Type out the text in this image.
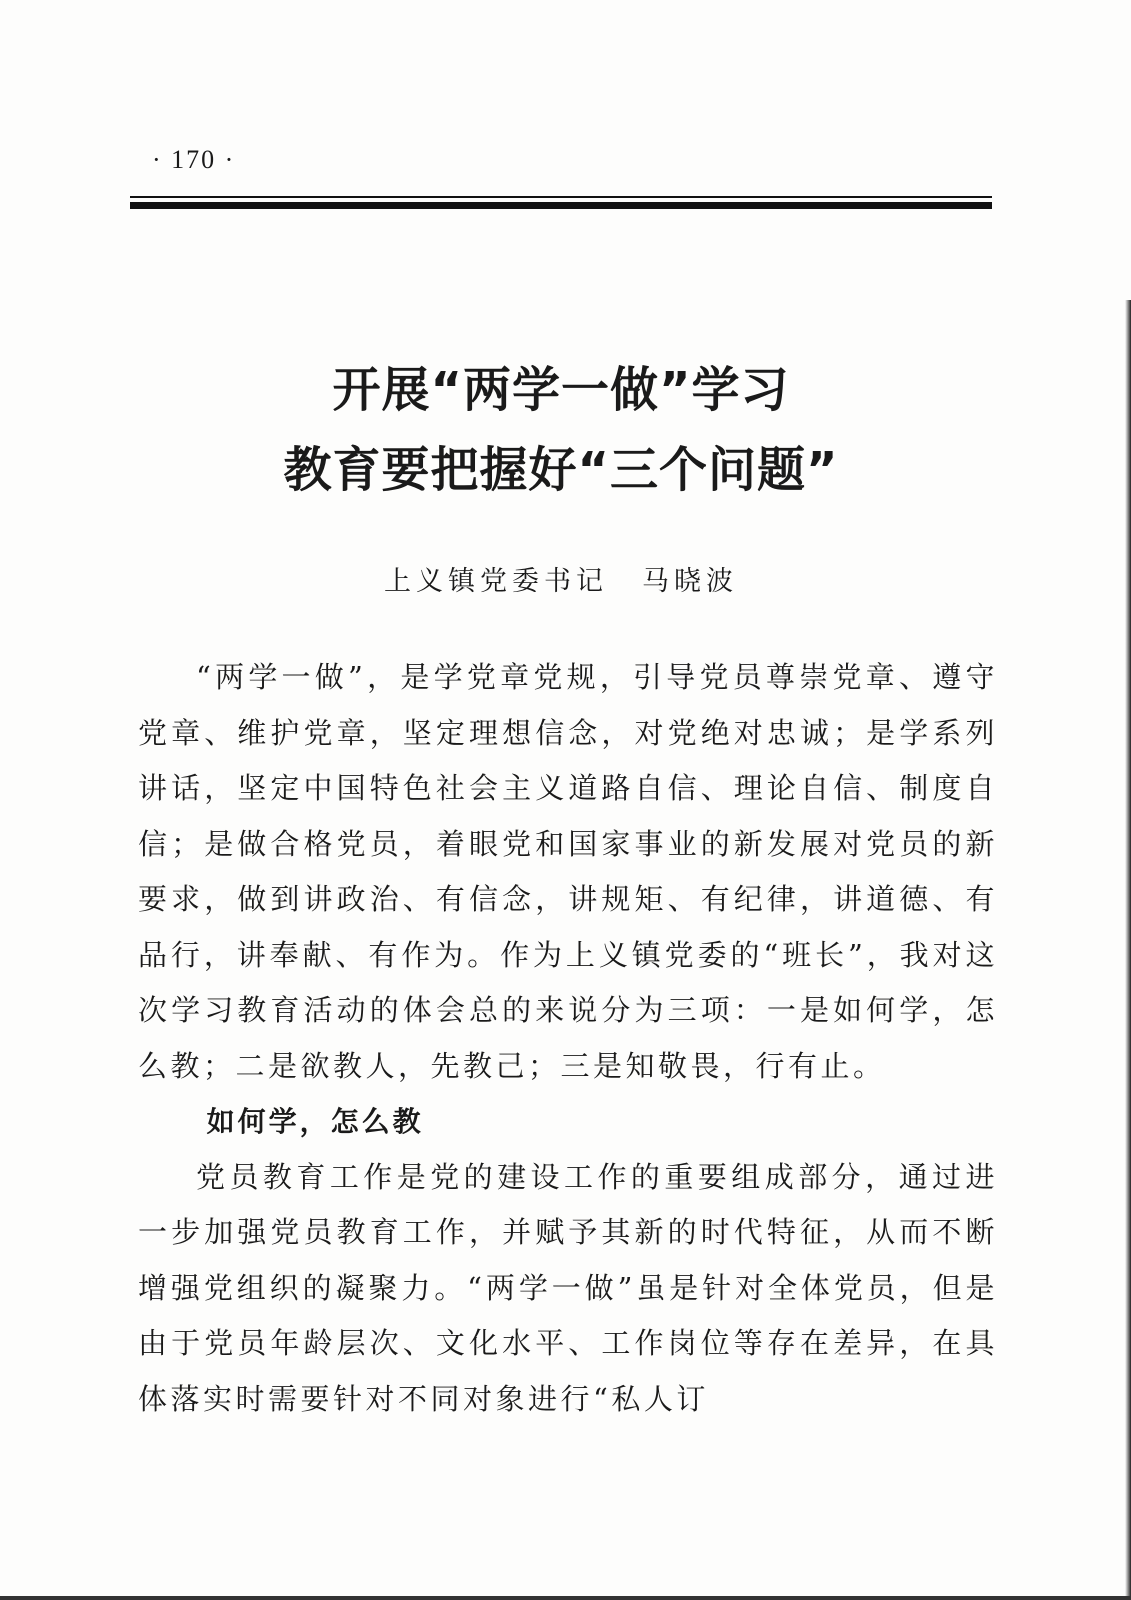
· 170 ·
开展“两学一做”学习
教育要把握好“三个问题”
上义镇党委书记 马晓波

“两学一做”，是学党章党规，引导党员尊崇党章、遵守党章、维护党章，坚定理想信念，对党绝对忠诚；是学系列讲话，坚定中国特色社会主义道路自信、理论自信、制度自信；是做合格党员，着眼党和国家事业的新发展对党员的新要求，做到讲政治、有信念，讲规矩、有纪律，讲道德、有品行，讲奉献、有作为。作为上义镇党委的“班长”，我对这次学习教育活动的体会总的来说分为三项：一是如何学，怎么教；二是欲教人，先教己；三是知敬畏，行有止。

如何学，怎么教

党员教育工作是党的建设工作的重要组成部分，通过进一步加强党员教育工作，并赋予其新的时代特征，从而不断增强党组织的凝聚力。“两学一做”虽是针对全体党员，但是由于党员年龄层次、文化水平、工作岗位等存在差异，在具体落实时需要针对不同对象进行“私人订
